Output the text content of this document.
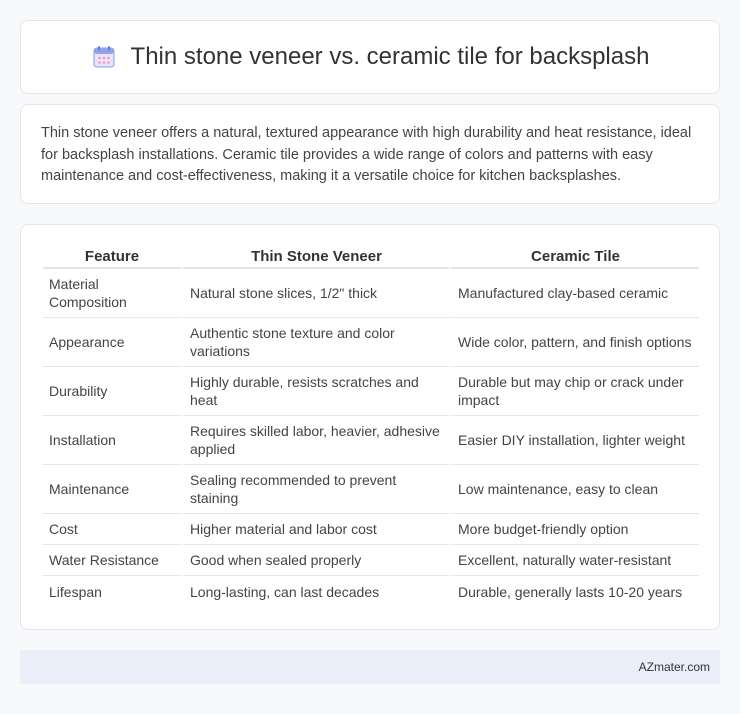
Thin stone veneer vs. ceramic tile for backsplash

Thin stone veneer offers a natural, textured appearance with high durability and heat resistance, ideal for backsplash installations. Ceramic tile provides a wide range of colors and patterns with easy maintenance and cost-effectiveness, making it a versatile choice for kitchen backsplashes.

Feature	Thin Stone Veneer	Ceramic Tile
Material Composition	Natural stone slices, 1/2" thick	Manufactured clay-based ceramic
Appearance	Authentic stone texture and color variations	Wide color, pattern, and finish options
Durability	Highly durable, resists scratches and heat	Durable but may chip or crack under impact
Installation	Requires skilled labor, heavier, adhesive applied	Easier DIY installation, lighter weight
Maintenance	Sealing recommended to prevent staining	Low maintenance, easy to clean
Cost	Higher material and labor cost	More budget-friendly option
Water Resistance	Good when sealed properly	Excellent, naturally water-resistant
Lifespan	Long-lasting, can last decades	Durable, generally lasts 10-20 years
AZmater.com
